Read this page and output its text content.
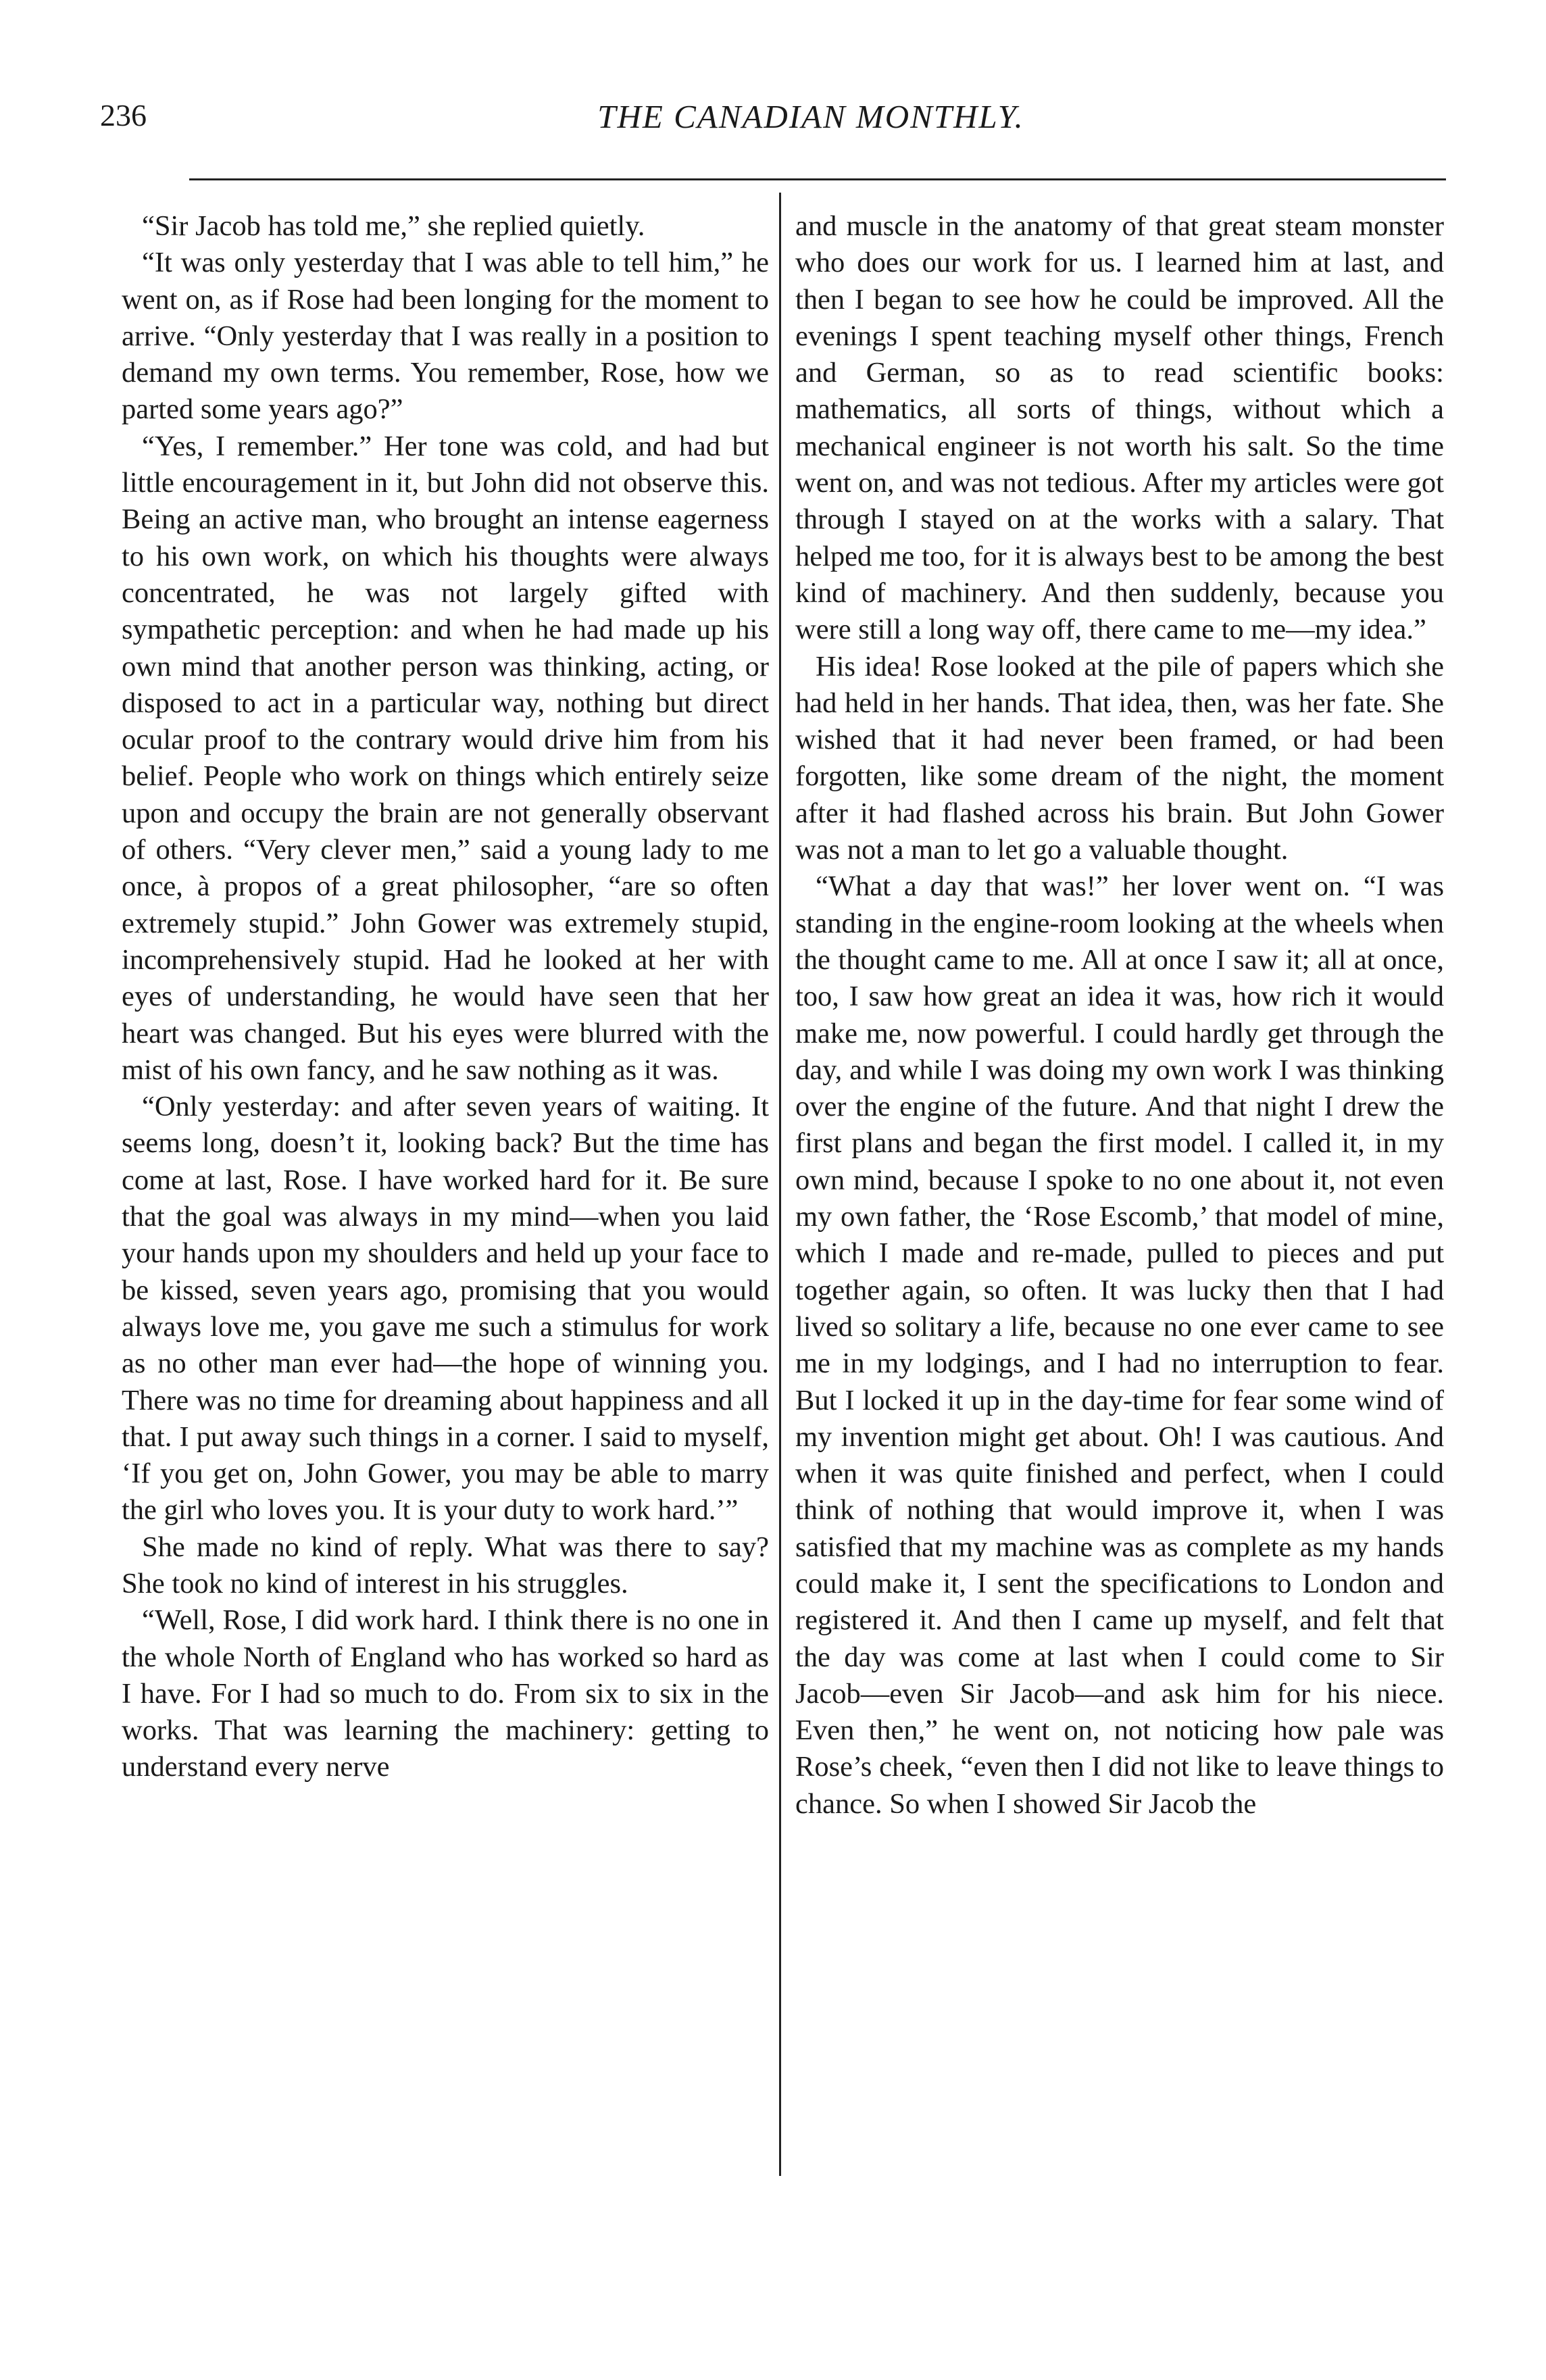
236	THE CANADIAN MONTHLY.

“Sir Jacob has told me,” she replied quietly.

“It was only yesterday that I was able to tell him,” he went on, as if Rose had been longing for the moment to arrive. “Only yesterday that I was really in a position to demand my own terms. You remember, Rose, how we parted some years ago?”

“Yes, I remember.” Her tone was cold, and had but little encouragement in it, but John did not observe this. Being an active man, who brought an intense eagerness to his own work, on which his thoughts were always concentrated, he was not largely gifted with sympathetic perception: and when he had made up his own mind that another person was thinking, acting, or disposed to act in a particular way, nothing but direct ocular proof to the contrary would drive him from his belief. People who work on things which entirely seize upon and occupy the brain are not generally observant of others. “Very clever men,” said a young lady to me once, à propos of a great philosopher, “are so often extremely stupid.” John Gower was extremely stupid, incomprehensively stupid. Had he looked at her with eyes of understanding, he would have seen that her heart was changed. But his eyes were blurred with the mist of his own fancy, and he saw nothing as it was.

“Only yesterday: and after seven years of waiting. It seems long, doesn’t it, looking back? But the time has come at last, Rose. I have worked hard for it. Be sure that the goal was always in my mind—when you laid your hands upon my shoulders and held up your face to be kissed, seven years ago, promising that you would always love me, you gave me such a stimulus for work as no other man ever had—the hope of winning you. There was no time for dreaming about happiness and all that. I put away such things in a corner. I said to myself, ‘If you get on, John Gower, you may be able to marry the girl who loves you. It is your duty to work hard.’”

She made no kind of reply. What was there to say? She took no kind of interest in his struggles.

“Well, Rose, I did work hard. I think there is no one in the whole North of England who has worked so hard as I have. For I had so much to do. From six to six in the works. That was learning the machinery: getting to understand every nerve

and muscle in the anatomy of that great steam monster who does our work for us. I learned him at last, and then I began to see how he could be improved. All the evenings I spent teaching myself other things, French and German, so as to read scientific books: mathematics, all sorts of things, without which a mechanical engineer is not worth his salt. So the time went on, and was not tedious. After my articles were got through I stayed on at the works with a salary. That helped me too, for it is always best to be among the best kind of machinery. And then suddenly, because you were still a long way off, there came to me—my idea.”

His idea! Rose looked at the pile of papers which she had held in her hands. That idea, then, was her fate. She wished that it had never been framed, or had been forgotten, like some dream of the night, the moment after it had flashed across his brain. But John Gower was not a man to let go a valuable thought.

“What a day that was!” her lover went on. “I was standing in the engine-room looking at the wheels when the thought came to me. All at once I saw it; all at once, too, I saw how great an idea it was, how rich it would make me, now powerful. I could hardly get through the day, and while I was doing my own work I was thinking over the engine of the future. And that night I drew the first plans and began the first model. I called it, in my own mind, because I spoke to no one about it, not even my own father, the ‘Rose Escomb,’ that model of mine, which I made and re-made, pulled to pieces and put together again, so often. It was lucky then that I had lived so solitary a life, because no one ever came to see me in my lodgings, and I had no interruption to fear. But I locked it up in the day-time for fear some wind of my invention might get about. Oh! I was cautious. And when it was quite finished and perfect, when I could think of nothing that would improve it, when I was satisfied that my machine was as complete as my hands could make it, I sent the specifications to London and registered it. And then I came up myself, and felt that the day was come at last when I could come to Sir Jacob—even Sir Jacob—and ask him for his niece. Even then,” he went on, not noticing how pale was Rose’s cheek, “even then I did not like to leave things to chance. So when I showed Sir Jacob the
